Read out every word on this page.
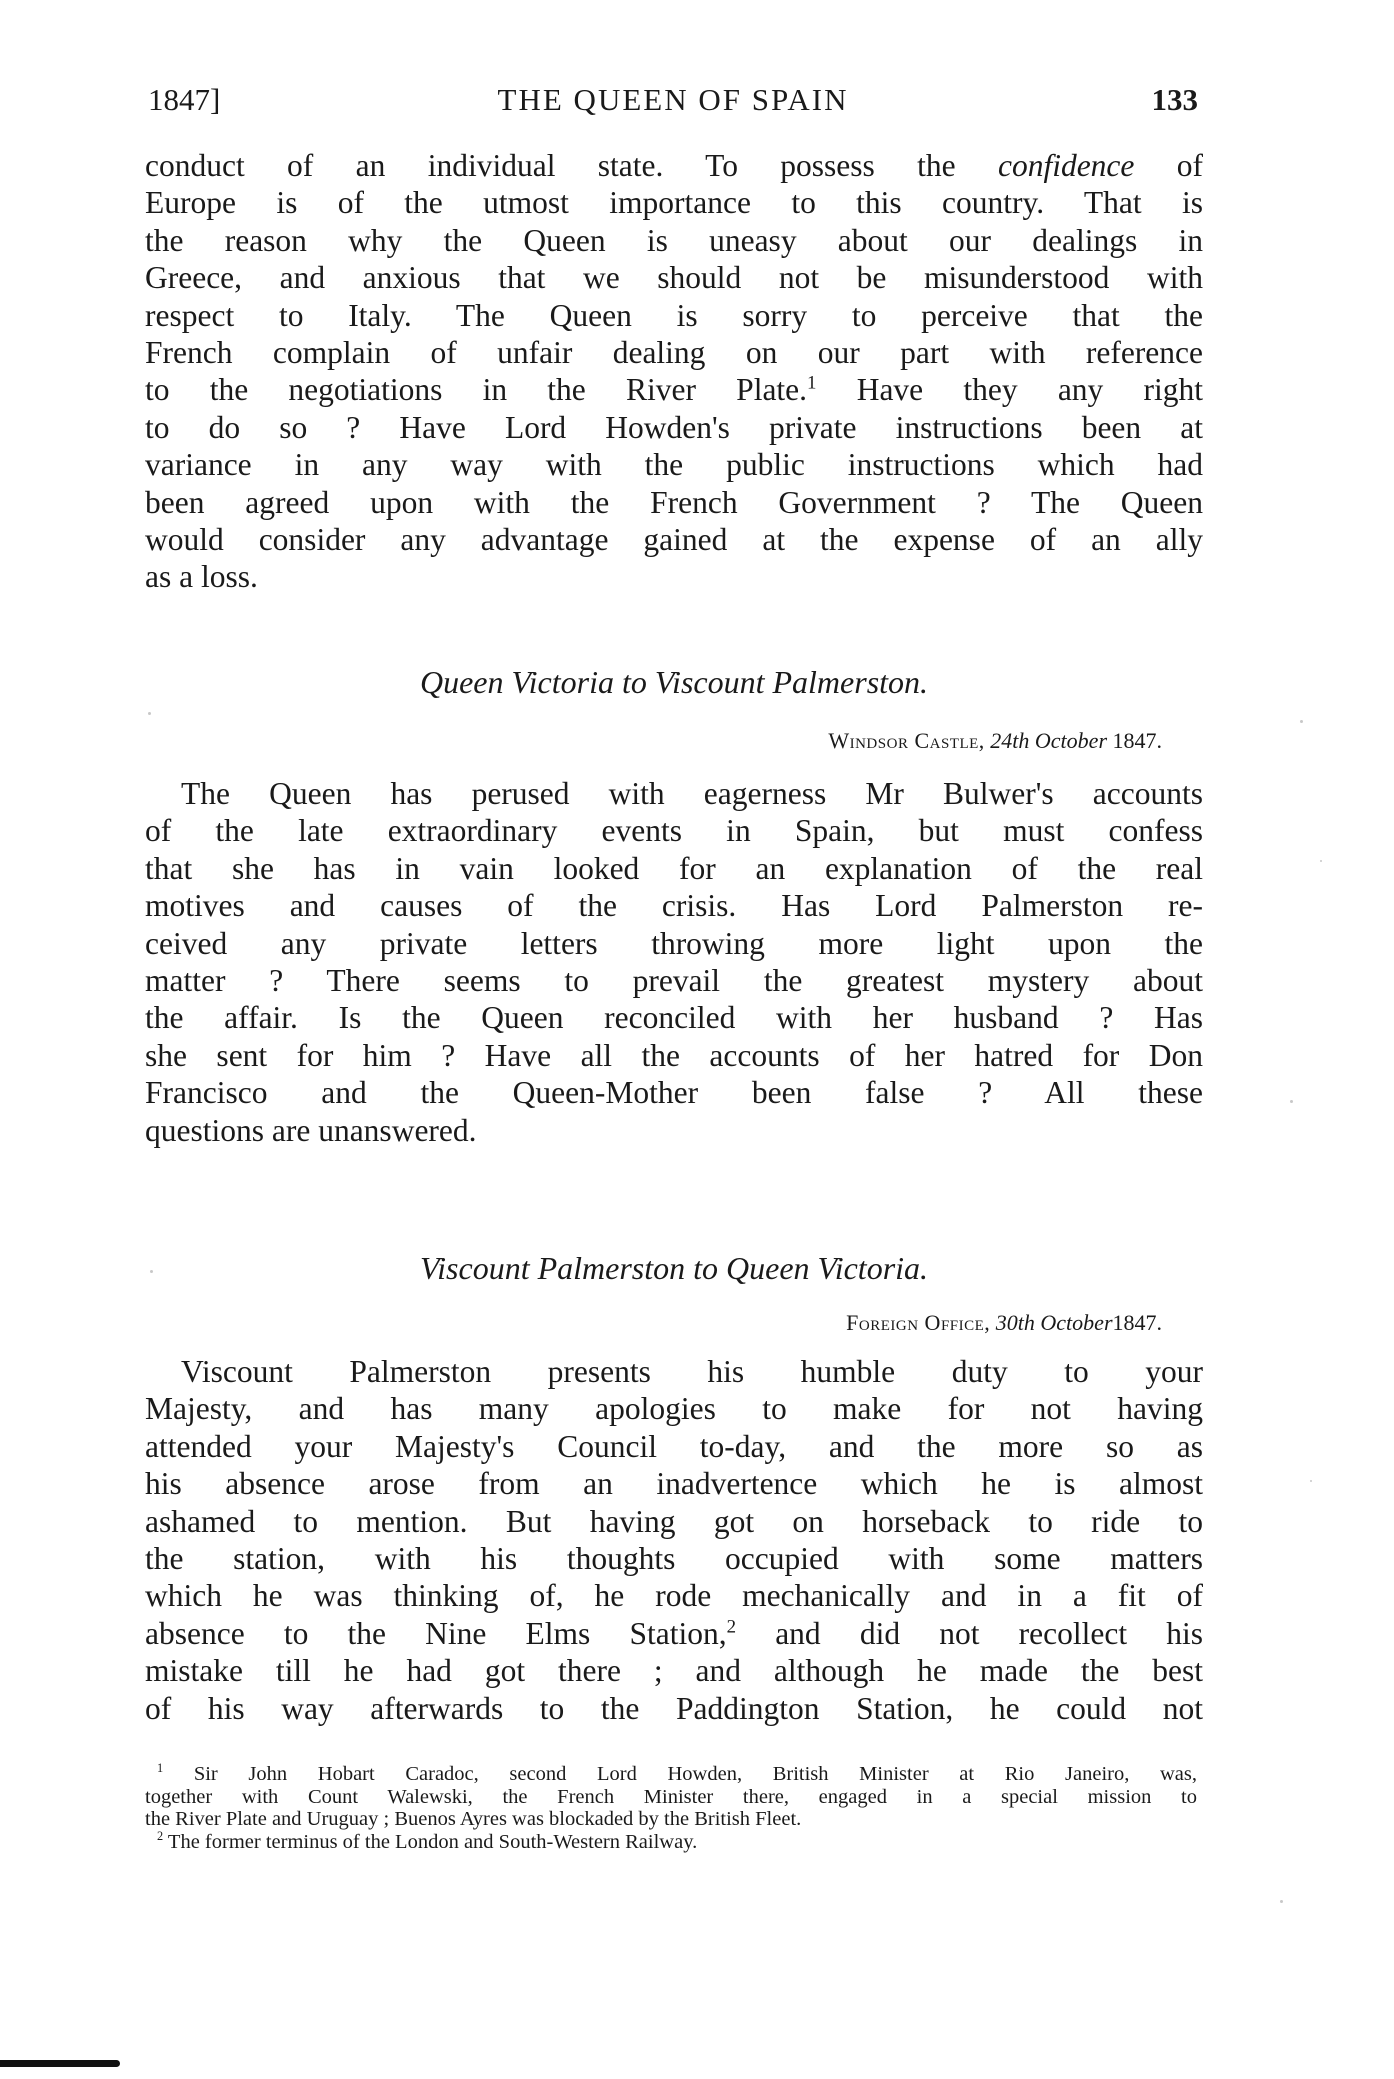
1847]	THE QUEEN OF SPAIN	133
conduct of an individual state. To possess the confidence of
Europe is of the utmost importance to this country. That is
the reason why the Queen is uneasy about our dealings in
Greece, and anxious that we should not be misunderstood with
respect to Italy. The Queen is sorry to perceive that the
French complain of unfair dealing on our part with reference
to the negotiations in the River Plate.$^1$ Have they any right
to do so ? Have Lord Howden's private instructions been at
variance in any way with the public instructions which had
been agreed upon with the French Government ? The Queen
would consider any advantage gained at the expense of an ally
as a loss.
Queen Victoria to Viscount Palmerston.
Windsor Castle, 24th October 1847.
The Queen has perused with eagerness Mr Bulwer's accounts
of the late extraordinary events in Spain, but must confess
that she has in vain looked for an explanation of the real
motives and causes of the crisis. Has Lord Palmerston re-
ceived any private letters throwing more light upon the
matter ? There seems to prevail the greatest mystery about
the affair. Is the Queen reconciled with her husband ? Has
she sent for him ? Have all the accounts of her hatred for Don
Francisco and the Queen-Mother been false ? All these
questions are unanswered.
Viscount Palmerston to Queen Victoria.
Foreign Office, 30th October1847.
Viscount Palmerston presents his humble duty to your
Majesty, and has many apologies to make for not having
attended your Majesty's Council to-day, and the more so as
his absence arose from an inadvertence which he is almost
ashamed to mention. But having got on horseback to ride to
the station, with his thoughts occupied with some matters
which he was thinking of, he rode mechanically and in a fit of
absence to the Nine Elms Station,$^2$ and did not recollect his
mistake till he had got there ; and although he made the best
of his way afterwards to the Paddington Station, he could not
$^1$ Sir John Hobart Caradoc, second Lord Howden, British Minister at Rio Janeiro, was,
together with Count Walewski, the French Minister there, engaged in a special mission to
the River Plate and Uruguay ; Buenos Ayres was blockaded by the British Fleet.
$^2$ The former terminus of the London and South-Western Railway.
